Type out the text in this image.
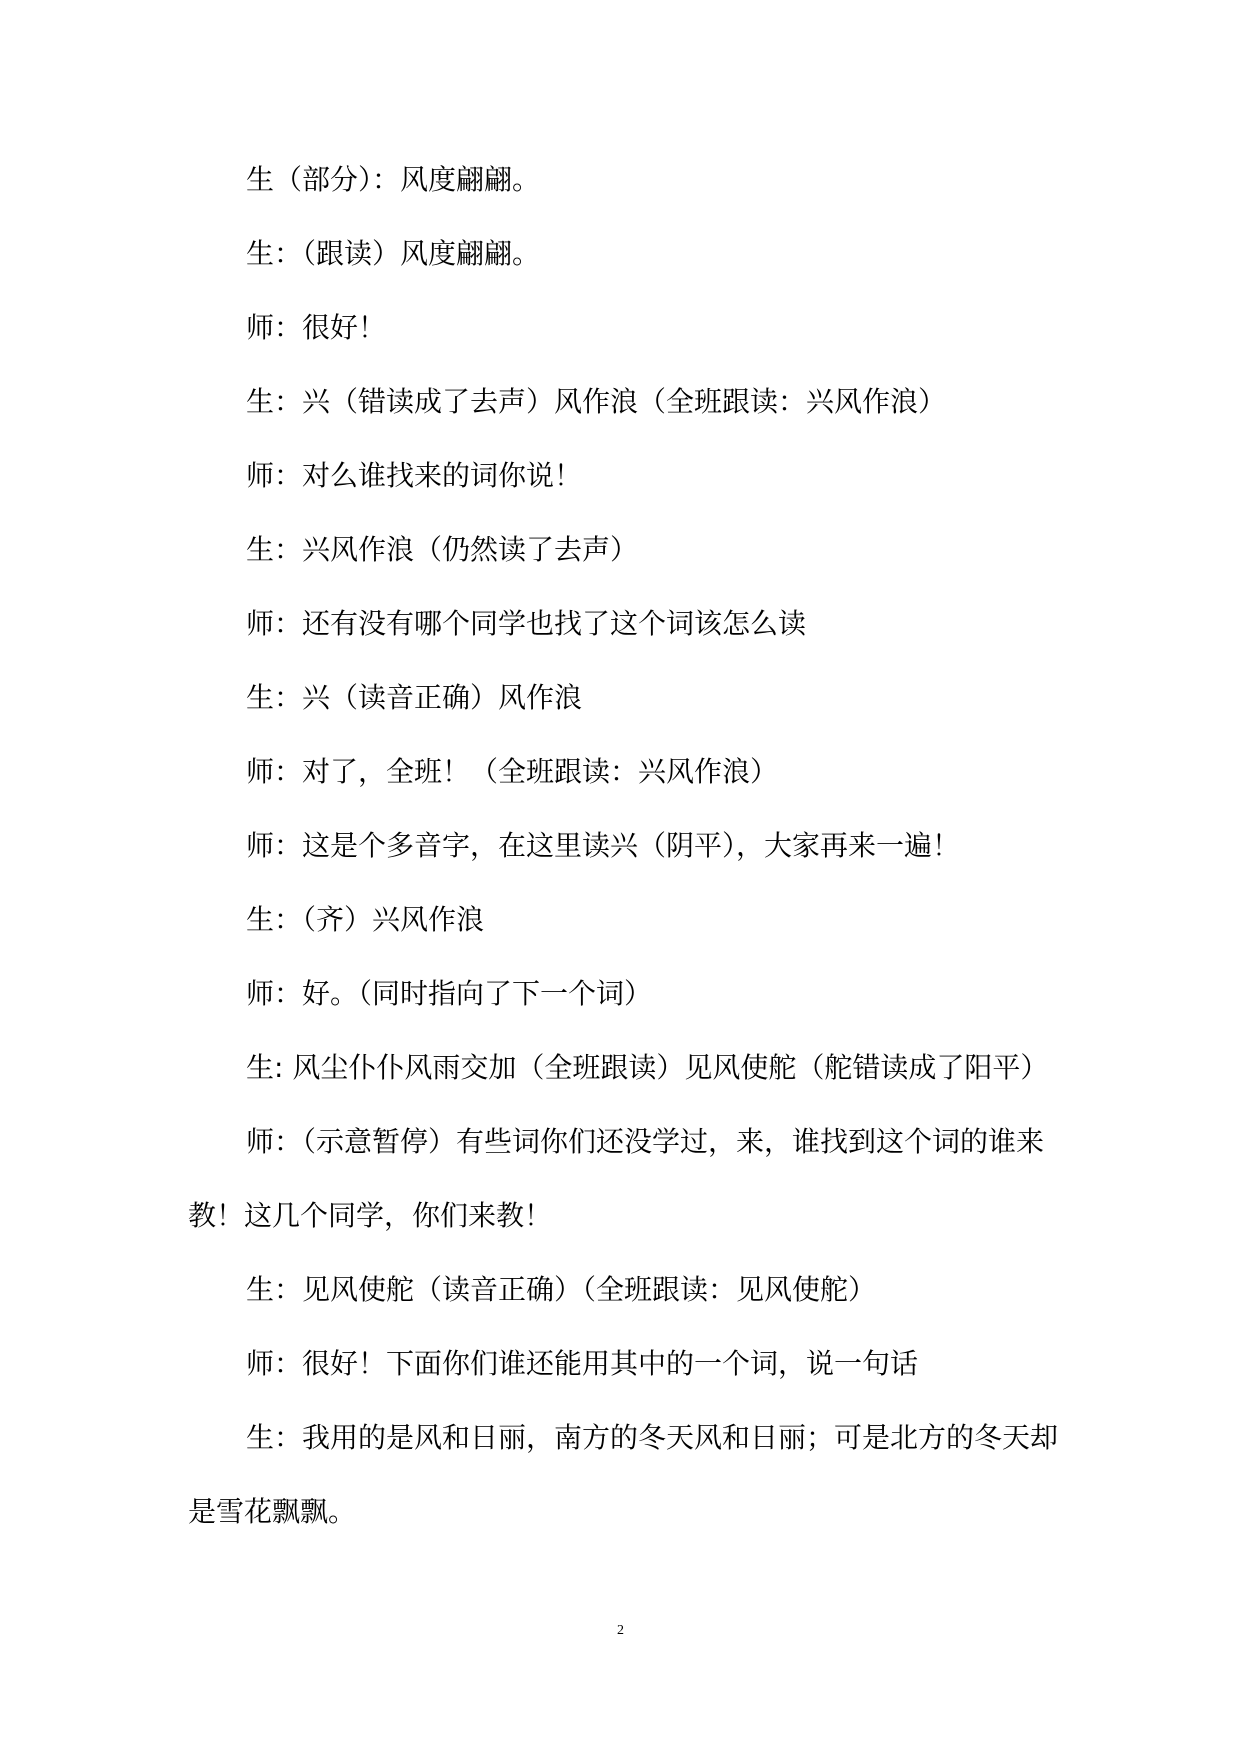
生（部分）：风度翩翩。

生：（跟读）风度翩翩。

师：很好！

生：兴（错读成了去声）风作浪（全班跟读：兴风作浪）

师：对么谁找来的词你说！

生：兴风作浪（仍然读了去声）

师：还有没有哪个同学也找了这个词该怎么读

生：兴（读音正确）风作浪

师：对了，全班！（全班跟读：兴风作浪）

师：这是个多音字，在这里读兴（阴平），大家再来一遍！

生：（齐）兴风作浪

师：好。（同时指向了下一个词）

生: 风尘仆仆风雨交加（全班跟读）见风使舵（舵错读成了阳平）

师：（示意暂停）有些词你们还没学过，来，谁找到这个词的谁来教！这几个同学，你们来教！

生：见风使舵（读音正确）（全班跟读：见风使舵）

师：很好！下面你们谁还能用其中的一个词，说一句话

生：我用的是风和日丽，南方的冬天风和日丽；可是北方的冬天却是雪花飘飘。

2
